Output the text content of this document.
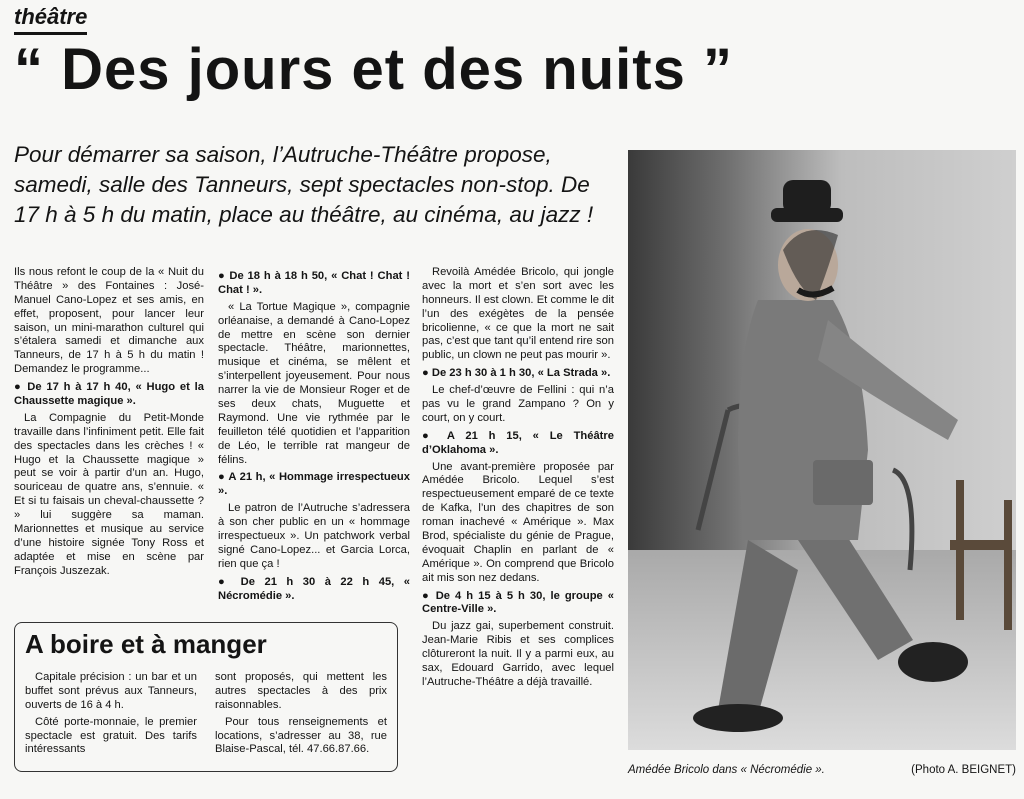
théâtre
“ Des jours et des nuits ”

Pour démarrer sa saison, l’Autruche-Théâtre propose, samedi, salle des Tanneurs, sept spectacles non-stop. De 17 h à 5 h du matin, place au théâtre, au cinéma, au jazz !

Ils nous refont le coup de la « Nuit du Théâtre » des Fontaines : José-Manuel Cano-Lopez et ses amis, en effet, proposent, pour lancer leur saison, un mini-marathon culturel qui s’étalera samedi et dimanche aux Tanneurs, de 17 h à 5 h du matin ! Demandez le programme...

● De 17 h à 17 h 40, « Hugo et la Chaussette magique ».

La Compagnie du Petit-Monde travaille dans l’infiniment petit. Elle fait des spectacles dans les crèches ! « Hugo et la Chaussette magique » peut se voir à partir d’un an. Hugo, souriceau de quatre ans, s’ennuie. « Et si tu faisais un cheval-chaussette ? » lui suggère sa maman. Marionnettes et musique au service d’une histoire signée Tony Ross et adaptée et mise en scène par François Juszezak.

● De 18 h à 18 h 50, « Chat ! Chat ! Chat ! ».

« La Tortue Magique », compagnie orléanaise, a demandé à Cano-Lopez de mettre en scène son dernier spectacle. Théâtre, marionnettes, musique et cinéma, se mêlent et s’interpellent joyeusement. Pour nous narrer la vie de Monsieur Roger et de ses deux chats, Muguette et Raymond. Une vie rythmée par le feuilleton télé quotidien et l’apparition de Léo, le terrible rat mangeur de félins.

● A 21 h, « Hommage irrespectueux ».

Le patron de l’Autruche s’adressera à son cher public en un « hommage irrespectueux ». Un patchwork verbal signé Cano-Lopez... et Garcia Lorca, rien que ça !

● De 21 h 30 à 22 h 45, « Nécromédie ».

Revoilà Amédée Bricolo, qui jongle avec la mort et s’en sort avec les honneurs. Il est clown. Et comme le dit l’un des exégètes de la pensée bricolienne, « ce que la mort ne sait pas, c’est que tant qu’il entend rire son public, un clown ne peut pas mourir ».

● De 23 h 30 à 1 h 30, « La Strada ».

Le chef-d’œuvre de Fellini : qui n’a pas vu le grand Zampano ? On y court, on y court.

● A 21 h 15, « Le Théâtre d’Oklahoma ».

Une avant-première proposée par Amédée Bricolo. Lequel s’est respectueusement emparé de ce texte de Kafka, l’un des chapitres de son roman inachevé « Amérique ». Max Brod, spécialiste du génie de Prague, évoquait Chaplin en parlant de « Amérique ». On comprend que Bricolo ait mis son nez dedans.

● De 4 h 15 à 5 h 30, le groupe « Centre-Ville ».

Du jazz gai, superbement construit. Jean-Marie Ribis et ses complices clôtureront la nuit. Il y a parmi eux, au sax, Edouard Garrido, avec lequel l’Autruche-Théâtre a déjà travaillé.

A boire et à manger

Capitale précision : un bar et un buffet sont prévus aux Tanneurs, ouverts de 16 à 4 h.

Côté porte-monnaie, le premier spectacle est gratuit. Des tarifs intéressants

sont proposés, qui mettent les autres spectacles à des prix raisonnables.

Pour tous renseignements et locations, s’adresser au 38, rue Blaise-Pascal, tél. 47.66.87.66.

Amédée Bricolo dans « Nécromédie ».	(Photo A. BEIGNET)
